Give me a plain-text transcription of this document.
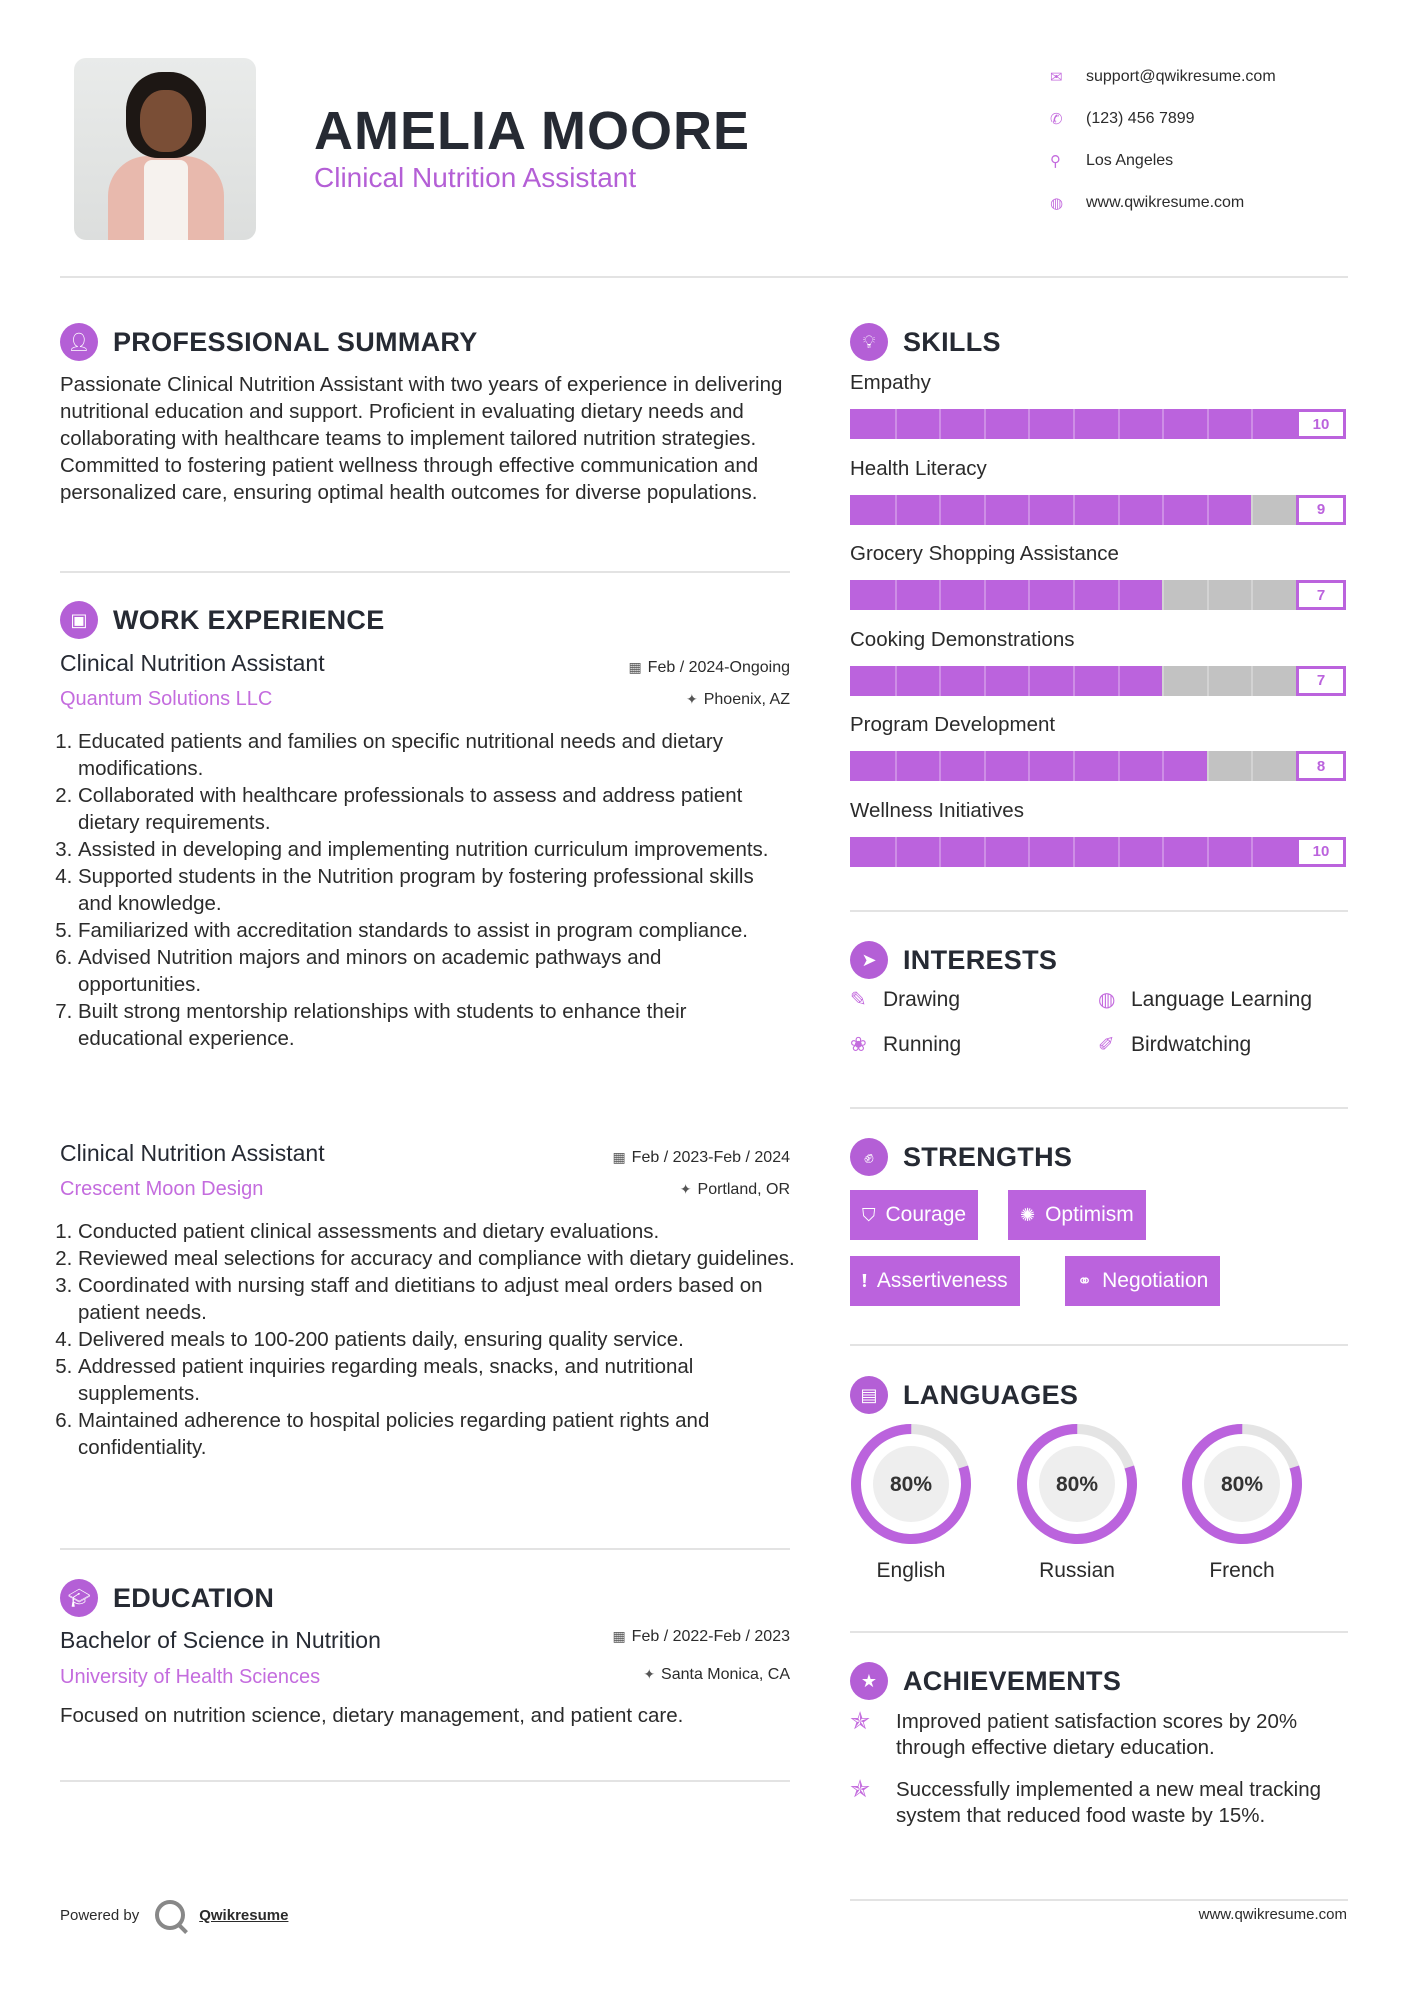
AMELIA MOORE
Clinical Nutrition Assistant
✉	support@qwikresume.com
✆	(123) 456 7899
⚲	Los Angeles
◍	www.qwikresume.com
👤︎ PROFESSIONAL SUMMARY
Passionate Clinical Nutrition Assistant with two years of experience in delivering nutritional education and support. Proficient in evaluating dietary needs and collaborating with healthcare teams to implement tailored nutrition strategies. Committed to fostering patient wellness through effective communication and personalized care, ensuring optimal health outcomes for diverse populations.
▣ WORK EXPERIENCE
Clinical Nutrition Assistant
Quantum Solutions LLC
▦ Feb / 2024-Ongoing
✦ Phoenix, AZ
1. Educated patients and families on specific nutritional needs and dietary modifications.
2. Collaborated with healthcare professionals to assess and address patient dietary requirements.
3. Assisted in developing and implementing nutrition curriculum improvements.
4. Supported students in the Nutrition program by fostering professional skills and knowledge.
5. Familiarized with accreditation standards to assist in program compliance.
6. Advised Nutrition majors and minors on academic pathways and opportunities.
7. Built strong mentorship relationships with students to enhance their educational experience.
Clinical Nutrition Assistant
Crescent Moon Design
▦ Feb / 2023-Feb / 2024
✦ Portland, OR
1. Conducted patient clinical assessments and dietary evaluations.
2. Reviewed meal selections for accuracy and compliance with dietary guidelines.
3. Coordinated with nursing staff and dietitians to adjust meal orders based on patient needs.
4. Delivered meals to 100-200 patients daily, ensuring quality service.
5. Addressed patient inquiries regarding meals, snacks, and nutritional supplements.
6. Maintained adherence to hospital policies regarding patient rights and confidentiality.
🎓︎ EDUCATION
Bachelor of Science in Nutrition
University of Health Sciences
▦ Feb / 2022-Feb / 2023
✦ Santa Monica, CA
Focused on nutrition science, dietary management, and patient care.
💡︎	SKILLS
Empathy
10
Health Literacy
9
Grocery Shopping Assistance
7
Cooking Demonstrations
7
Program Development
8
Wellness Initiatives
10
➤ INTERESTS
✎ Drawing	◍ Language Learning
❀ Running	✐ Birdwatching
✊︎	STRENGTHS
⛉ Courage	✺ Optimism
❗︎ Assertiveness	⚭ Negotiation
▤ LANGUAGES
80%
English
80%
Russian
80%
French
★ ACHIEVEMENTS
✯	Improved patient satisfaction scores by 20% through effective dietary education.
✯	Successfully implemented a new meal tracking system that reduced food waste by 15%.
Powered by	Qwikresume	www.qwikresume.com
